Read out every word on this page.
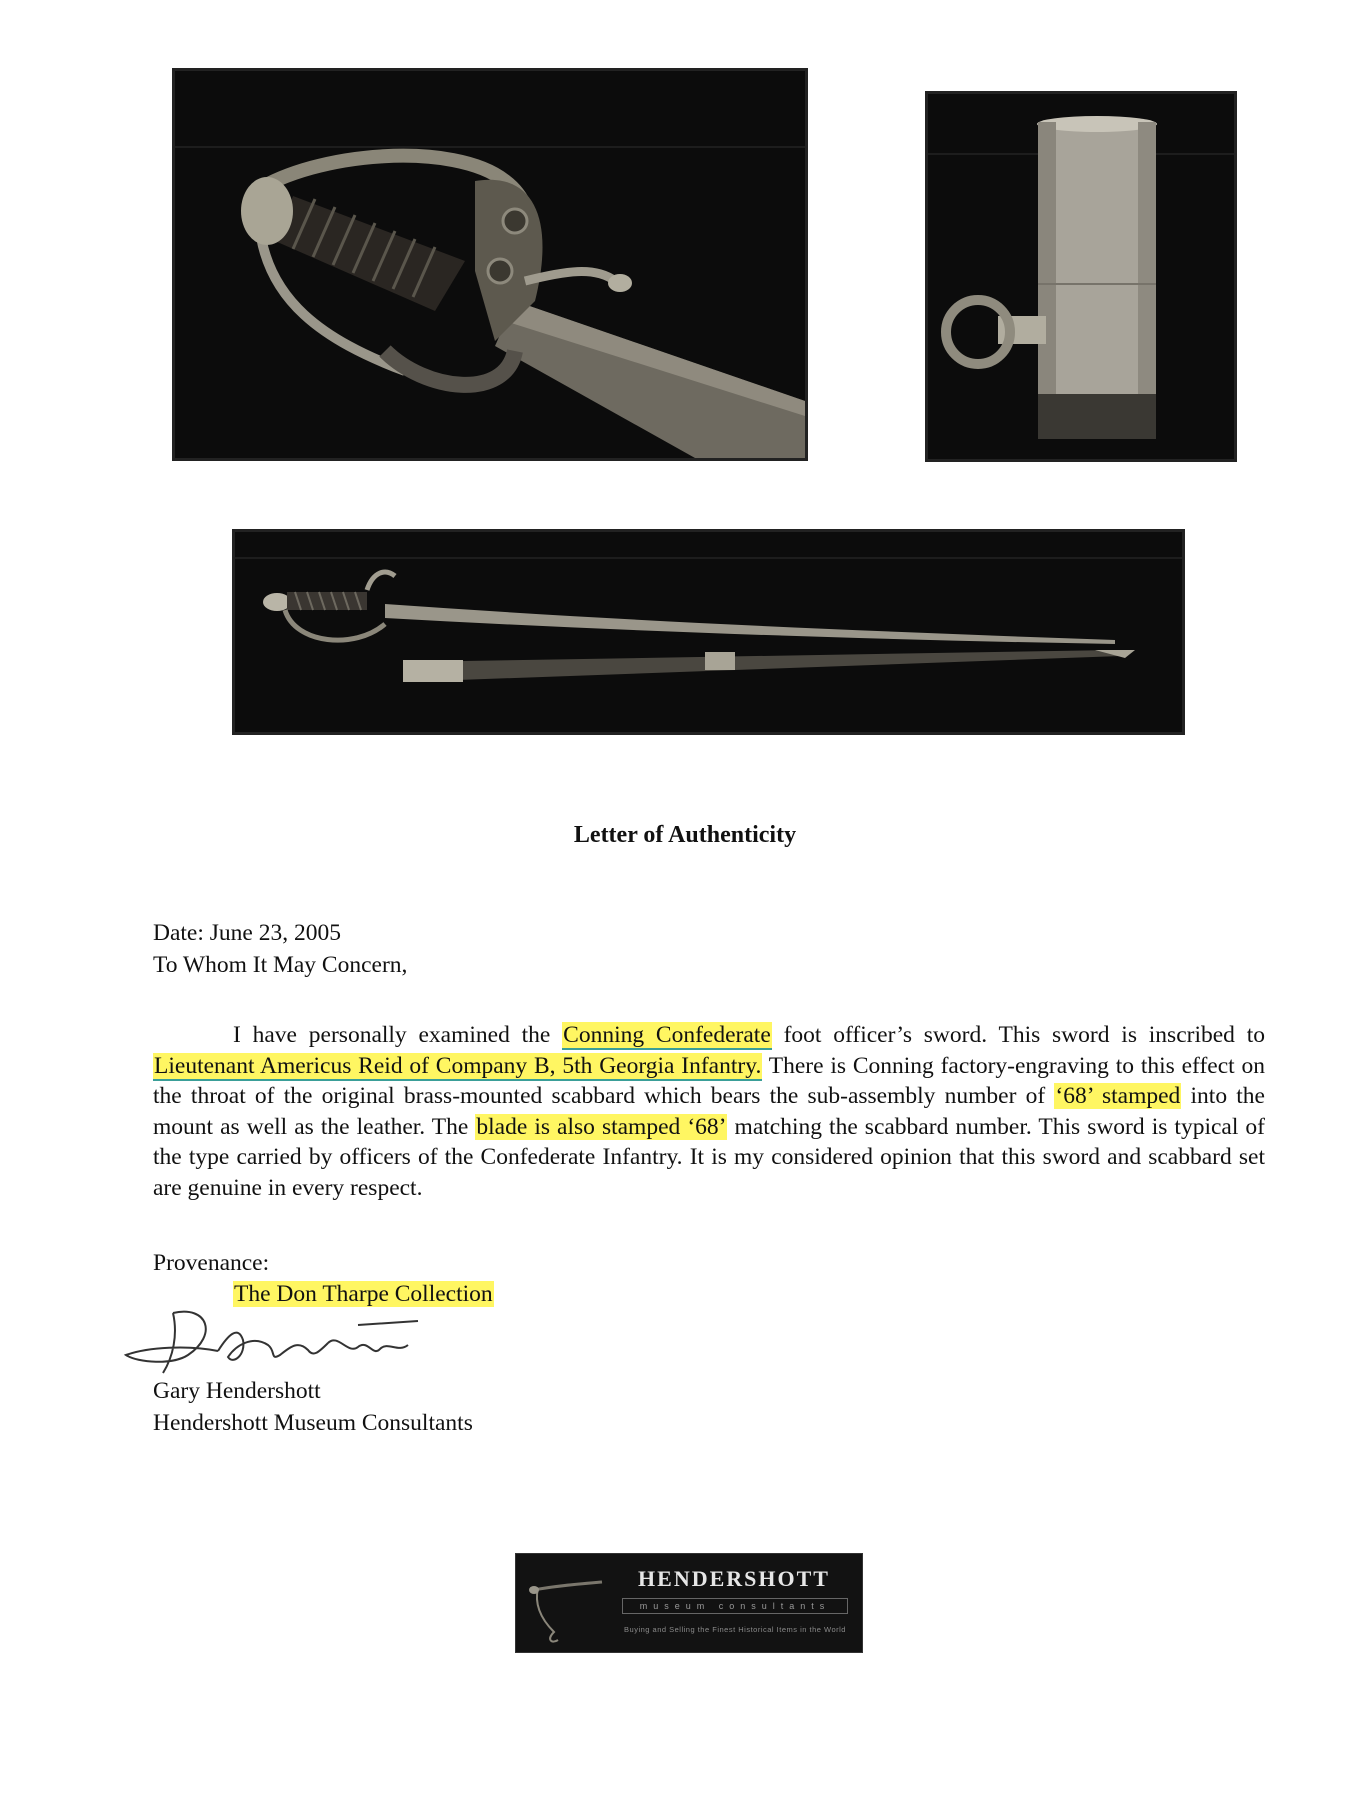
Letter of Authenticity
Date: June 23, 2005
To Whom It May Concern,
I have personally examined the Conning Confederate foot officer’s sword. This sword is inscribed to Lieutenant Americus Reid of Company B, 5th Georgia Infantry. There is Conning factory-engraving to this effect on the throat of the original brass-mounted scabbard which bears the sub-assembly number of ‘68’ stamped into the mount as well as the leather. The blade is also stamped ‘68’ matching the scabbard number. This sword is typical of the type carried by officers of the Confederate Infantry. It is my considered opinion that this sword and scabbard set are genuine in every respect.
Provenance:
The Don Tharpe Collection
Gary Hendershott
Hendershott Museum Consultants
HENDERSHOTT
museum consultants
Buying and Selling the Finest Historical Items in the World
